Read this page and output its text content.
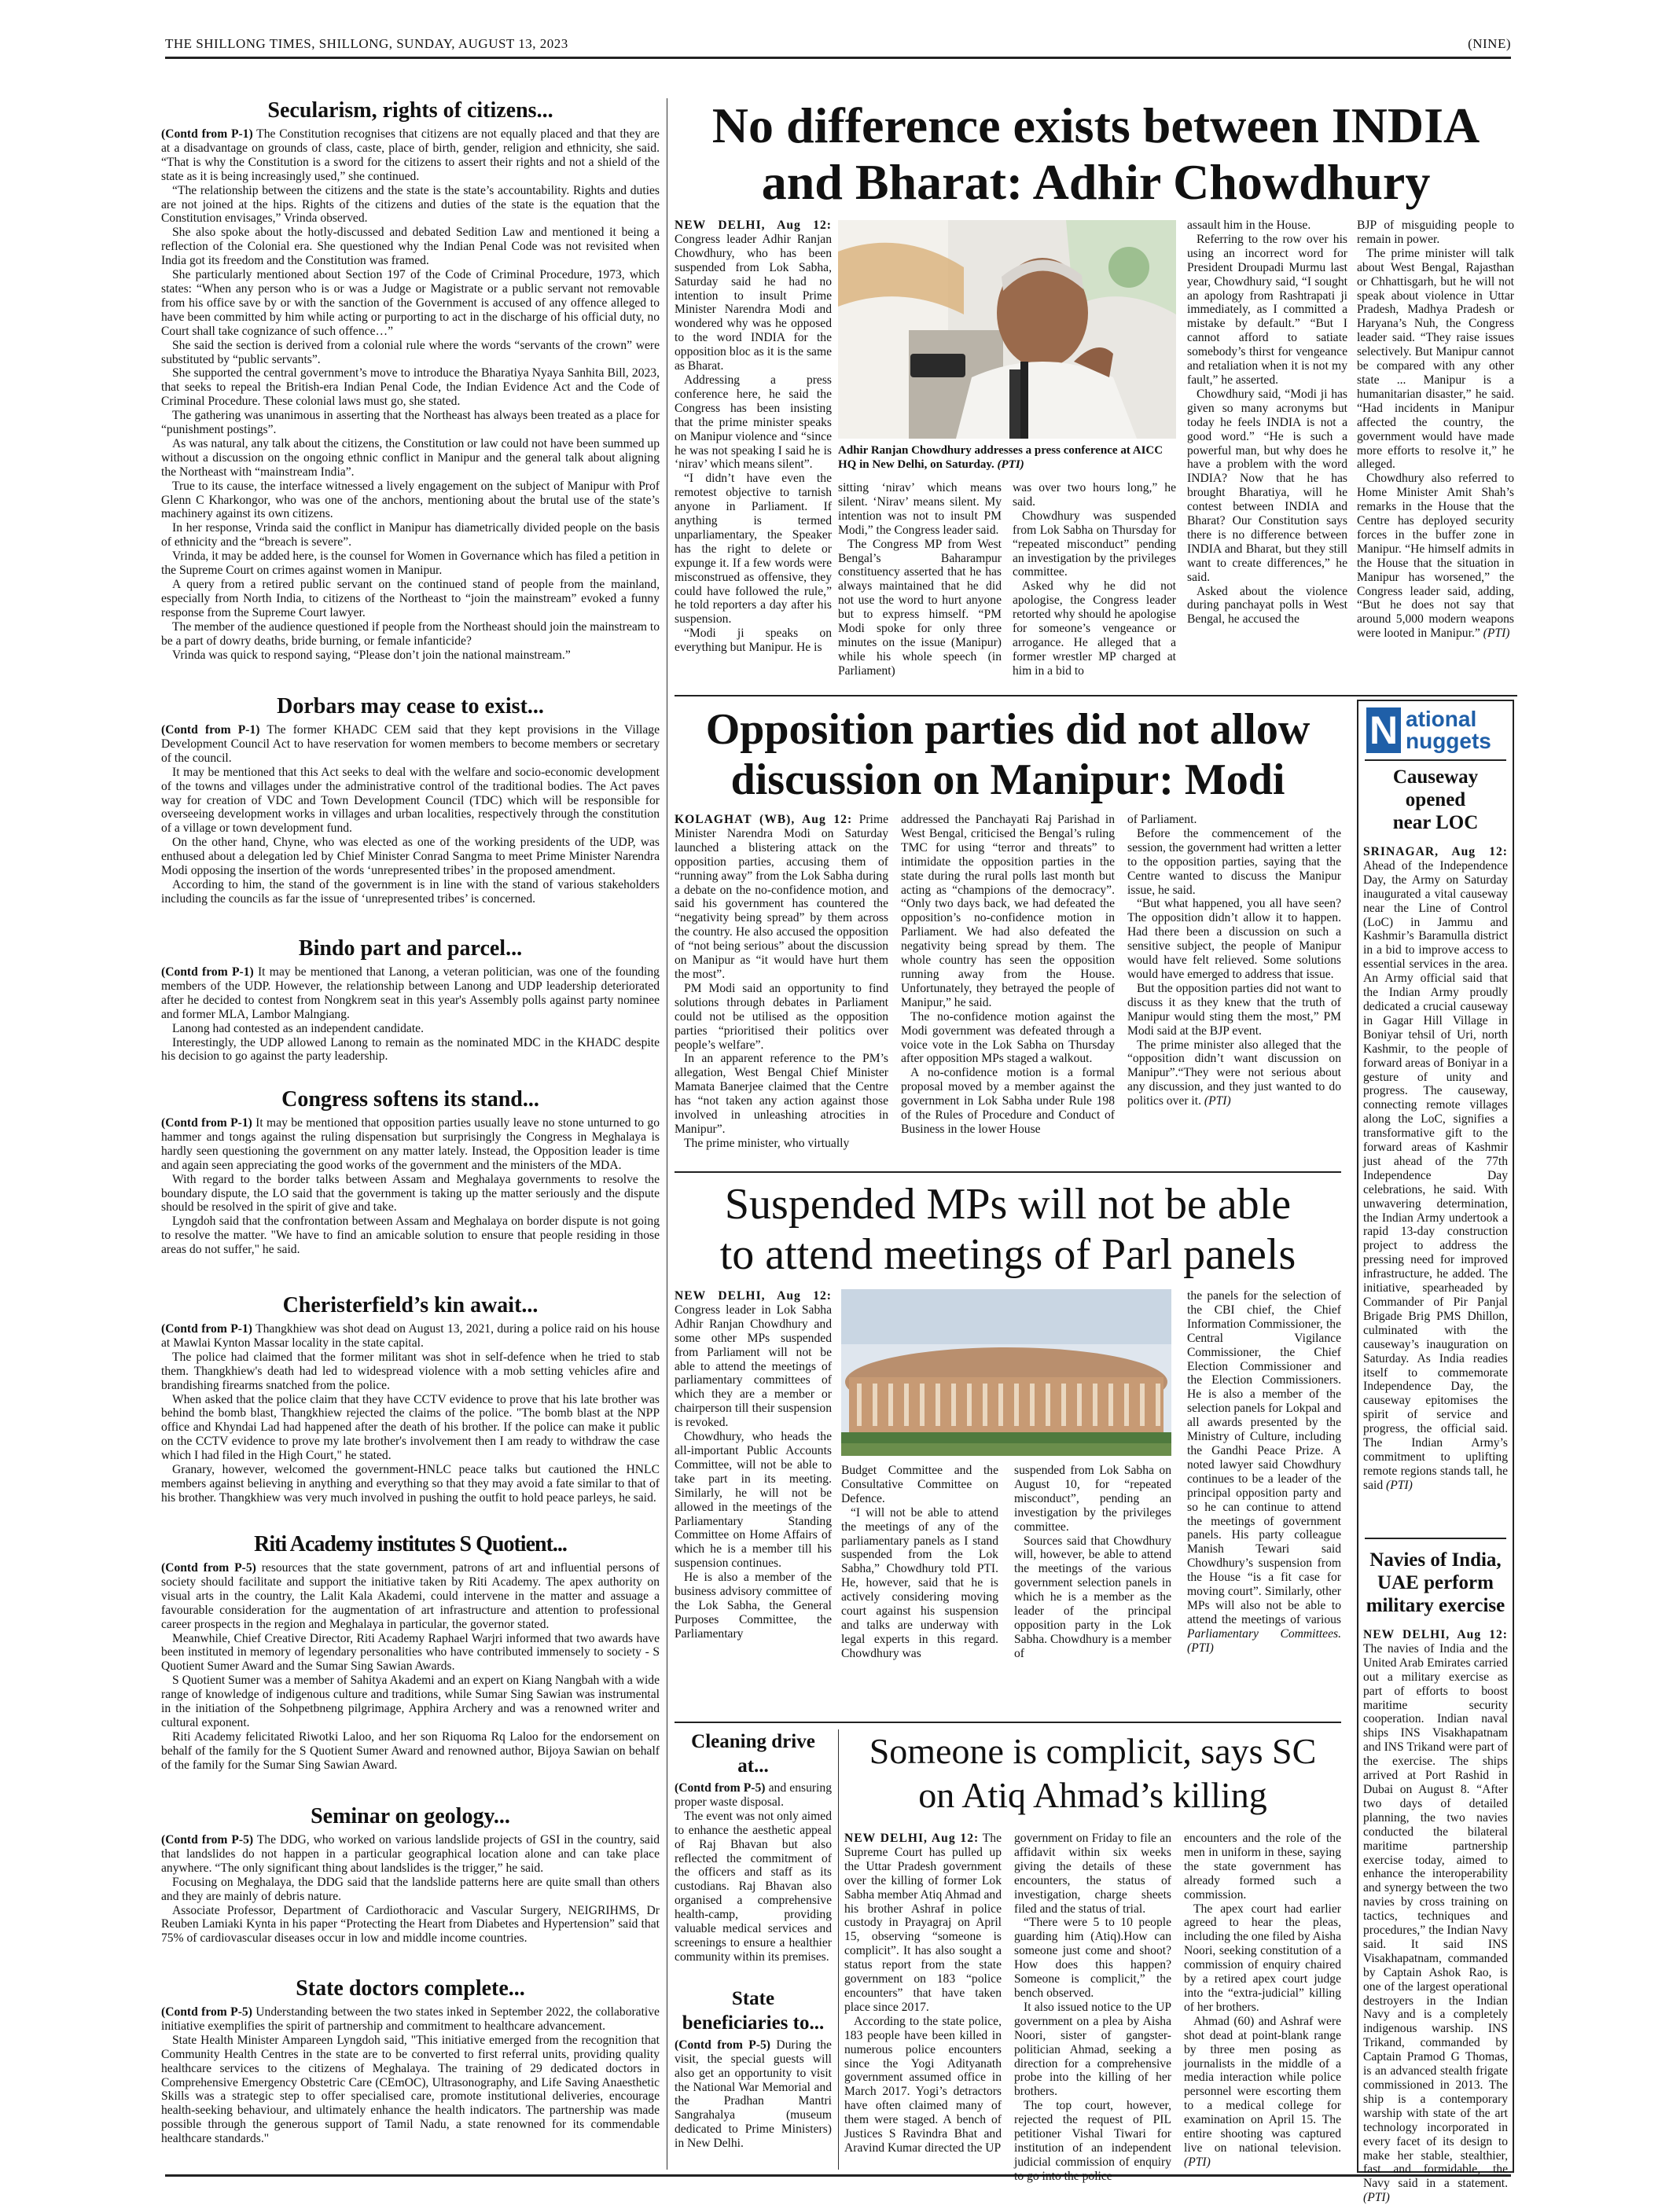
THE SHILLONG TIMES, SHILLONG, SUNDAY, AUGUST 13, 2023	(NINE)
Secularism, rights of citizens...

(Contd from P-1) The Constitution recognises that citizens are not equally placed and that they are at a disadvantage on grounds of class, caste, place of birth, gender, religion and ethnicity, she said. “That is why the Constitution is a sword for the citizens to assert their rights and not a shield of the state as it is being increasingly used,” she continued.

“The relationship between the citizens and the state is the state’s accountability. Rights and duties are not joined at the hips. Rights of the citizens and duties of the state is the equation that the Constitution envisages,” Vrinda observed.

She also spoke about the hotly-discussed and debated Sedition Law and mentioned it being a reflection of the Colonial era. She questioned why the Indian Penal Code was not revisited when India got its freedom and the Constitution was framed.

She particularly mentioned about Section 197 of the Code of Criminal Procedure, 1973, which states: “When any person who is or was a Judge or Magistrate or a public servant not removable from his office save by or with the sanction of the Government is accused of any offence alleged to have been committed by him while acting or purporting to act in the discharge of his official duty, no Court shall take cognizance of such offence…”

She said the section is derived from a colonial rule where the words “servants of the crown” were substituted by “public servants”.

She supported the central government’s move to introduce the Bharatiya Nyaya Sanhita Bill, 2023, that seeks to repeal the British-era Indian Penal Code, the Indian Evidence Act and the Code of Criminal Procedure. These colonial laws must go, she stated.

The gathering was unanimous in asserting that the Northeast has always been treated as a place for “punishment postings”.

As was natural, any talk about the citizens, the Constitution or law could not have been summed up without a discussion on the ongoing ethnic conflict in Manipur and the general talk about aligning the Northeast with “mainstream India”.

True to its cause, the interface witnessed a lively engagement on the subject of Manipur with Prof Glenn C Kharkongor, who was one of the anchors, mentioning about the brutal use of the state’s machinery against its own citizens.

In her response, Vrinda said the conflict in Manipur has diametrically divided people on the basis of ethnicity and the “breach is severe”.

Vrinda, it may be added here, is the counsel for Women in Governance which has filed a petition in the Supreme Court on crimes against women in Manipur.

A query from a retired public servant on the continued stand of people from the mainland, especially from North India, to citizens of the Northeast to “join the mainstream” evoked a funny response from the Supreme Court lawyer.

The member of the audience questioned if people from the Northeast should join the mainstream to be a part of dowry deaths, bride burning, or female infanticide?

Vrinda was quick to respond saying, “Please don’t join the national mainstream.”

Dorbars may cease to exist...

(Contd from P-1) The former KHADC CEM said that they kept provisions in the Village Development Council Act to have reservation for women members to become members or secretary of the council.

It may be mentioned that this Act seeks to deal with the welfare and socio-economic development of the towns and villages under the administrative control of the traditional bodies. The Act paves way for creation of VDC and Town Development Council (TDC) which will be responsible for overseeing development works in villages and urban localities, respectively through the constitution of a village or town development fund.

On the other hand, Chyne, who was elected as one of the working presidents of the UDP, was enthused about a delegation led by Chief Minister Conrad Sangma to meet Prime Minister Narendra Modi opposing the insertion of the words ‘unrepresented tribes’ in the proposed amendment.

According to him, the stand of the government is in line with the stand of various stakeholders including the councils as far the issue of ‘unrepresented tribes’ is concerned.

Bindo part and parcel...

(Contd from P-1) It may be mentioned that Lanong, a veteran politician, was one of the founding members of the UDP. However, the relationship between Lanong and UDP leadership deteriorated after he decided to contest from Nongkrem seat in this year's Assembly polls against party nominee and former MLA, Lambor Malngiang.

Lanong had contested as an independent candidate.

Interestingly, the UDP allowed Lanong to remain as the nominated MDC in the KHADC despite his decision to go against the party leadership.

Congress softens its stand...

(Contd from P-1) It may be mentioned that opposition parties usually leave no stone unturned to go hammer and tongs against the ruling dispensation but surprisingly the Congress in Meghalaya is hardly seen questioning the government on any matter lately. Instead, the Opposition leader is time and again seen appreciating the good works of the government and the ministers of the MDA.

With regard to the border talks between Assam and Meghalaya governments to resolve the boundary dispute, the LO said that the government is taking up the matter seriously and the dispute should be resolved in the spirit of give and take.

Lyngdoh said that the confrontation between Assam and Meghalaya on border dispute is not going to resolve the matter. "We have to find an amicable solution to ensure that people residing in those areas do not suffer," he said.

Cheristerfield’s kin await...

(Contd from P-1) Thangkhiew was shot dead on August 13, 2021, during a police raid on his house at Mawlai Kynton Massar locality in the state capital.

The police had claimed that the former militant was shot in self-defence when he tried to stab them. Thangkhiew's death had led to widespread violence with a mob setting vehicles afire and brandishing firearms snatched from the police.

When asked that the police claim that they have CCTV evidence to prove that his late brother was behind the bomb blast, Thangkhiew rejected the claims of the police. "The bomb blast at the NPP office and Khyndai Lad had happened after the death of his brother. If the police can make it public on the CCTV evidence to prove my late brother's involvement then I am ready to withdraw the case which I had filed in the High Court," he stated.

Granary, however, welcomed the government-HNLC peace talks but cautioned the HNLC members against believing in anything and everything so that they may avoid a fate similar to that of his brother. Thangkhiew was very much involved in pushing the outfit to hold peace parleys, he said.

Riti Academy institutes S Quotient...

(Contd from P-5) resources that the state government, patrons of art and influential persons of society should facilitate and support the initiative taken by Riti Academy. The apex authority on visual arts in the country, the Lalit Kala Akademi, could intervene in the matter and assuage a favourable consideration for the augmentation of art infrastructure and attention to professional career prospects in the region and Meghalaya in particular, the governor stated.

Meanwhile, Chief Creative Director, Riti Academy Raphael Warjri informed that two awards have been instituted in memory of legendary personalities who have contributed immensely to society - S Quotient Sumer Award and the Sumar Sing Sawian Awards.

S Quotient Sumer was a member of Sahitya Akademi and an expert on Kiang Nangbah with a wide range of knowledge of indigenous culture and traditions, while Sumar Sing Sawian was instrumental in the initiation of the Sohpetbneng pilgrimage, Apphira Archery and was a renowned writer and cultural exponent.

Riti Academy felicitated Riwotki Laloo, and her son Riquoma Rq Laloo for the endorsement on behalf of the family for the S Quotient Sumer Award and renowned author, Bijoya Sawian on behalf of the family for the Sumar Sing Sawian Award.

Seminar on geology...

(Contd from P-5) The DDG, who worked on various landslide projects of GSI in the country, said that landslides do not happen in a particular geographical location alone and can take place anywhere. “The only significant thing about landslides is the trigger,” he said.

Focusing on Meghalaya, the DDG said that the landslide patterns here are quite small than others and they are mainly of debris nature.

Associate Professor, Department of Cardiothoracic and Vascular Surgery, NEIGRIHMS, Dr Reuben Lamiaki Kynta in his paper “Protecting the Heart from Diabetes and Hypertension” said that 75% of cardiovascular diseases occur in low and middle income countries.

State doctors complete...

(Contd from P-5) Understanding between the two states inked in September 2022, the collaborative initiative exemplifies the spirit of partnership and commitment to healthcare advancement.

State Health Minister Ampareen Lyngdoh said, "This initiative emerged from the recognition that Community Health Centres in the state are to be converted to first referral units, providing quality healthcare services to the citizens of Meghalaya. The training of 29 dedicated doctors in Comprehensive Emergency Obstetric Care (CEmOC), Ultrasonography, and Life Saving Anaesthetic Skills was a strategic step to offer specialised care, promote institutional deliveries, encourage health-seeking behaviour, and ultimately enhance the health indicators. The partnership was made possible through the generous support of Tamil Nadu, a state renowned for its commendable healthcare standards."

No difference exists between INDIA
and Bharat: Adhir Chowdhury

NEW DELHI, Aug 12: Congress leader Adhir Ranjan Chowdhury, who has been suspended from Lok Sabha, Saturday said he had no intention to insult Prime Minister Narendra Modi and wondered why was he opposed to the word INDIA for the opposition bloc as it is the same as Bharat.

Addressing a press conference here, he said the Congress has been insisting that the prime minister speaks on Manipur violence and “since he was not speaking I said he is ‘nirav’ which means silent”.

“I didn’t have even the remotest objective to tarnish anyone in Parliament. If anything is termed unparliamentary, the Speaker has the right to delete or expunge it. If a few words were misconstrued as offensive, they could have followed the rule,” he told reporters a day after his suspension.

“Modi ji speaks on everything but Manipur. He is

Adhir Ranjan Chowdhury addresses a press conference at AICC HQ in New Delhi, on Saturday. (PTI)

sitting ‘nirav’ which means silent. ‘Nirav’ means silent. My intention was not to insult PM Modi,” the Congress leader said.

The Congress MP from West Bengal’s Baharampur constituency asserted that he has always maintained that he did not use the word to hurt anyone but to express himself. “PM Modi spoke for only three minutes on the issue (Manipur) while his whole speech (in Parliament)

was over two hours long,” he said.

Chowdhury was suspended from Lok Sabha on Thursday for “repeated misconduct” pending an investigation by the privileges committee.

Asked why he did not apologise, the Congress leader retorted why should he apologise for someone’s vengeance or arrogance. He alleged that a former wrestler MP charged at him in a bid to

assault him in the House.

Referring to the row over his using an incorrect word for President Droupadi Murmu last year, Chowdhury said, “I sought an apology from Rashtrapati ji immediately, as I committed a mistake by default.” “But I cannot afford to satiate somebody’s thirst for vengeance and retaliation when it is not my fault,” he asserted.

Chowdhury said, “Modi ji has given so many acronyms but today he feels INDIA is not a good word.” “He is such a powerful man, but why does he have a problem with the word INDIA? Now that he has brought Bharatiya, will he contest between INDIA and Bharat? Our Constitution says there is no difference between INDIA and Bharat, but they still want to create differences,” he said.

Asked about the violence during panchayat polls in West Bengal, he accused the

BJP of misguiding people to remain in power.

The prime minister will talk about West Bengal, Rajasthan or Chhattisgarh, but he will not speak about violence in Uttar Pradesh, Madhya Pradesh or Haryana’s Nuh, the Congress leader said. “They raise issues selectively. But Manipur cannot be compared with any other state ... Manipur is a humanitarian disaster,” he said. “Had incidents in Manipur affected the country, the government would have made more efforts to resolve it,” he alleged.

Chowdhury also referred to Home Minister Amit Shah’s remarks in the House that the Centre has deployed security forces in the buffer zone in Manipur. “He himself admits in the House that the situation in Manipur has worsened,” the Congress leader said, adding, “But he does not say that around 5,000 modern weapons were looted in Manipur.” (PTI)

Opposition parties did not allow
discussion on Manipur: Modi

KOLAGHAT (WB), Aug 12: Prime Minister Narendra Modi on Saturday launched a blistering attack on the opposition parties, accusing them of “running away” from the Lok Sabha during a debate on the no-confidence motion, and said his government has countered the “negativity being spread” by them across the country. He also accused the opposition of “not being serious” about the discussion on Manipur as “it would have hurt them the most”.

PM Modi said an opportunity to find solutions through debates in Parliament could not be utilised as the opposition parties “prioritised their politics over people’s welfare”.

In an apparent reference to the PM’s allegation, West Bengal Chief Minister Mamata Banerjee claimed that the Centre has “not taken any action against those involved in unleashing atrocities in Manipur”.

The prime minister, who virtually

addressed the Panchayati Raj Parishad in West Bengal, criticised the Bengal’s ruling TMC for using “terror and threats” to intimidate the opposition parties in the state during the rural polls last month but acting as “champions of the democracy”. “Only two days back, we had defeated the opposition’s no-confidence motion in Parliament. We had also defeated the negativity being spread by them. The whole country has seen the opposition running away from the House. Unfortunately, they betrayed the people of Manipur,” he said.

The no-confidence motion against the Modi government was defeated through a voice vote in the Lok Sabha on Thursday after opposition MPs staged a walkout.

A no-confidence motion is a formal proposal moved by a member against the government in Lok Sabha under Rule 198 of the Rules of Procedure and Conduct of Business in the lower House

of Parliament.

Before the commencement of the session, the government had written a letter to the opposition parties, saying that the Centre wanted to discuss the Manipur issue, he said.

“But what happened, you all have seen? The opposition didn’t allow it to happen. Had there been a discussion on such a sensitive subject, the people of Manipur would have felt relieved. Some solutions would have emerged to address that issue.

But the opposition parties did not want to discuss it as they knew that the truth of Manipur would sting them the most,” PM Modi said at the BJP event.

The prime minister also alleged that the “opposition didn’t want discussion on Manipur”.“They were not serious about any discussion, and they just wanted to do politics over it. (PTI)

Suspended MPs will not be able
to attend meetings of Parl panels

NEW DELHI, Aug 12: Congress leader in Lok Sabha Adhir Ranjan Chowdhury and some other MPs suspended from Parliament will not be able to attend the meetings of parliamentary committees of which they are a member or chairperson till their suspension is revoked.

Chowdhury, who heads the all-important Public Accounts Committee, will not be able to take part in its meeting. Similarly, he will not be allowed in the meetings of the Parliamentary Standing Committee on Home Affairs of which he is a member till his suspension continues.

He is also a member of the business advisory committee of the Lok Sabha, the General Purposes Committee, the Parliamentary

Budget Committee and the Consultative Committee on Defence.

“I will not be able to attend the meetings of any of the parliamentary panels as I stand suspended from the Lok Sabha,” Chowdhury told PTI. He, however, said that he is actively considering moving court against his suspension and talks are underway with legal experts in this regard. Chowdhury was

suspended from Lok Sabha on August 10, for “repeated misconduct”, pending an investigation by the privileges committee.

Sources said that Chowdhury will, however, be able to attend the meetings of the various government selection panels in which he is a member as the leader of the principal opposition party in the Lok Sabha. Chowdhury is a member of

the panels for the selection of the CBI chief, the Chief Information Commissioner, the Central Vigilance Commissioner, the Chief Election Commissioner and the Election Commissioners. He is also a member of the selection panels for Lokpal and all awards presented by the Ministry of Culture, including the Gandhi Peace Prize. A noted lawyer said Chowdhury continues to be a leader of the principal opposition party and so he can continue to attend the meetings of government panels. His party colleague Manish Tewari said Chowdhury’s suspension from the House “is a fit case for moving court”. Similarly, other MPs will also not be able to attend the meetings of various Parliamentary Committees. (PTI)

Cleaning drive at...

(Contd from P-5) and ensuring proper waste disposal.

The event was not only aimed to enhance the aesthetic appeal of Raj Bhavan but also reflected the commitment of the officers and staff as its custodians. Raj Bhavan also organised a comprehensive health-camp, providing valuable medical services and screenings to ensure a healthier community within its premises.

State
beneficiaries to...

(Contd from P-5) During the visit, the special guests will also get an opportunity to visit the National War Memorial and the Pradhan Mantri Sangrahalya (museum dedicated to Prime Ministers) in New Delhi.

Someone is complicit, says SC
on Atiq Ahmad’s killing

NEW DELHI, Aug 12: The Supreme Court has pulled up the Uttar Pradesh government over the killing of former Lok Sabha member Atiq Ahmad and his brother Ashraf in police custody in Prayagraj on April 15, observing “someone is complicit”. It has also sought a status report from the state government on 183 “police encounters” that have taken place since 2017.

According to the state police, 183 people have been killed in numerous police encounters since the Yogi Adityanath government assumed office in March 2017. Yogi’s detractors have often claimed many of them were staged. A bench of Justices S Ravindra Bhat and Aravind Kumar directed the UP

government on Friday to file an affidavit within six weeks giving the details of these encounters, the status of investigation, charge sheets filed and the status of trial.

“There were 5 to 10 people guarding him (Atiq).How can someone just come and shoot? How does this happen? Someone is complicit,” the bench observed.

It also issued notice to the UP government on a plea by Aisha Noori, sister of gangster-politician Ahmad, seeking a direction for a comprehensive probe into the killing of her brothers.

The top court, however, rejected the request of PIL petitioner Vishal Tiwari for institution of an independent judicial commission of enquiry to go into the police

encounters and the role of the men in uniform in these, saying the state government has already formed such a commission.

The apex court had earlier agreed to hear the pleas, including the one filed by Aisha Noori, seeking constitution of a commission of enquiry chaired by a retired apex court judge into the “extra-judicial” killing of her brothers.

Ahmad (60) and Ashraf were shot dead at point-blank range by three men posing as journalists in the middle of a media interaction while police personnel were escorting them to a medical college for examination on April 15. The entire shooting was captured live on national television. (PTI)

N ational
nuggets
Causeway opened
near LOC

SRINAGAR, Aug 12: Ahead of the Independence Day, the Army on Saturday inaugurated a vital causeway near the Line of Control (LoC) in Jammu and Kashmir’s Baramulla district in a bid to improve access to essential services in the area. An Army official said that the Indian Army proudly dedicated a crucial causeway in Gagar Hill Village in Boniyar tehsil of Uri, north Kashmir, to the people of forward areas of Boniyar in a gesture of unity and progress. The causeway, connecting remote villages along the LoC, signifies a transformative gift to the forward areas of Kashmir just ahead of the 77th Independence Day celebrations, he said. With unwavering determination, the Indian Army undertook a rapid 13-day construction project to address the pressing need for improved infrastructure, he added. The initiative, spearheaded by Commander of Pir Panjal Brigade Brig PMS Dhillon, culminated with the causeway’s inauguration on Saturday. As India readies itself to commemorate Independence Day, the causeway epitomises the spirit of service and progress, the official said. The Indian Army’s commitment to uplifting remote regions stands tall, he said (PTI)

Navies of India,
UAE perform
military exercise

NEW DELHI, Aug 12: The navies of India and the United Arab Emirates carried out a military exercise as part of efforts to boost maritime security cooperation. Indian naval ships INS Visakhapatnam and INS Trikand were part of the exercise. The ships arrived at Port Rashid in Dubai on August 8. “After two days of detailed planning, the two navies conducted the bilateral maritime partnership exercise today, aimed to enhance the interoperability and synergy between the two navies by cross training on tactics, techniques and procedures,” the Indian Navy said. It said INS Visakhapatnam, commanded by Captain Ashok Rao, is one of the largest operational destroyers in the Indian Navy and is a completely indigenous warship. INS Trikand, commanded by Captain Pramod G Thomas, is an advanced stealth frigate commissioned in 2013. The ship is a contemporary warship with state of the art technology incorporated in every facet of its design to make her stable, stealthier, fast and formidable, the Navy said in a statement. (PTI)
